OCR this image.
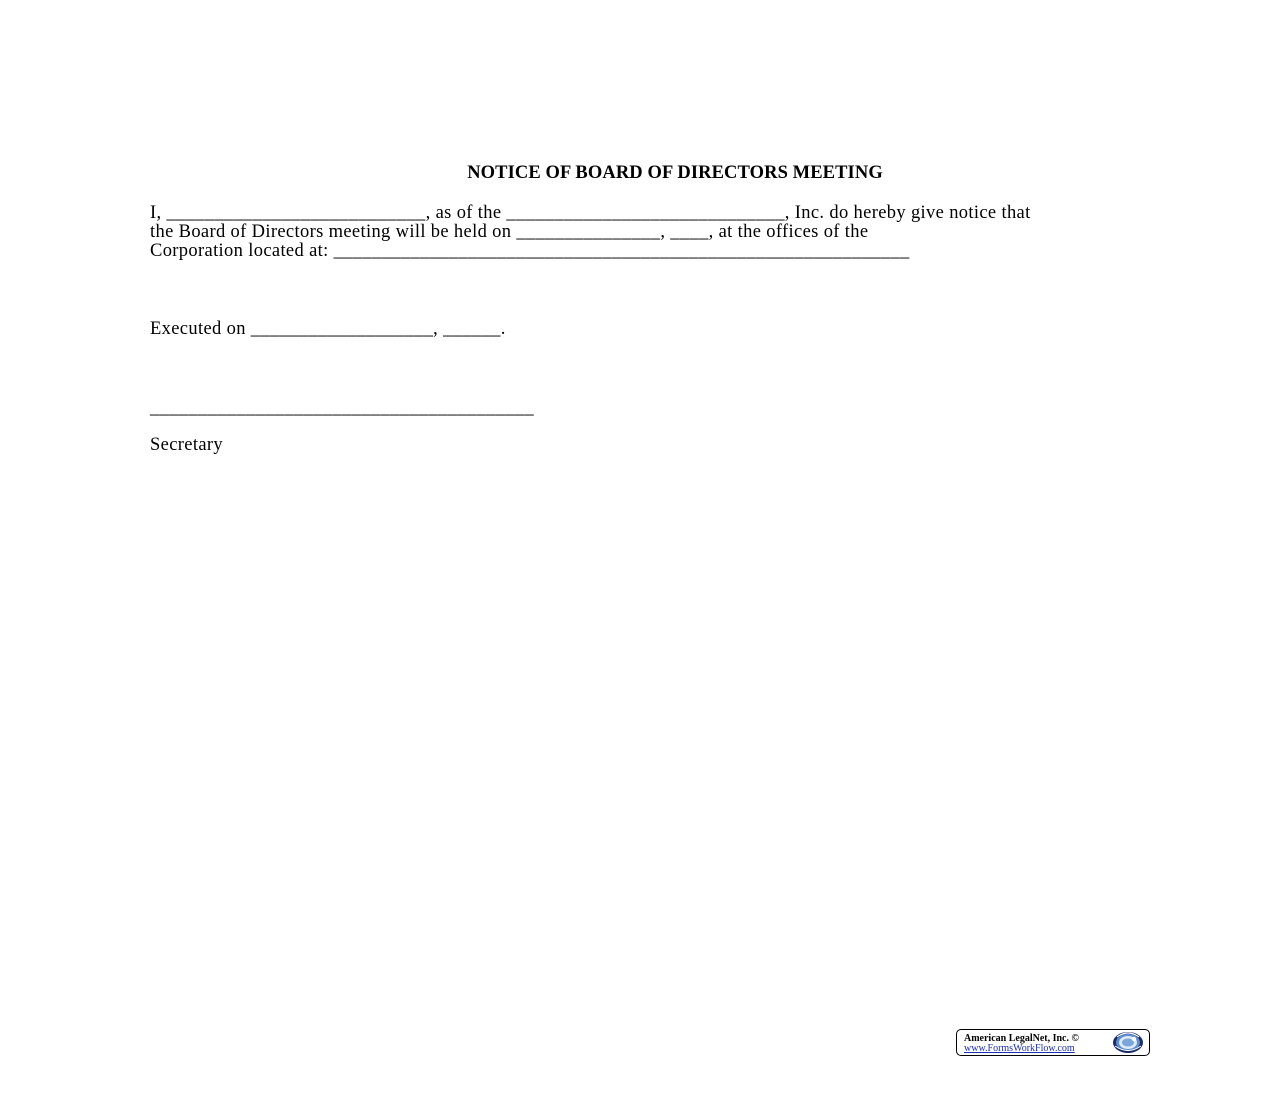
NOTICE OF BOARD OF DIRECTORS MEETING
I, ___________________________, as of the _____________________________, Inc. do hereby give notice that
the Board of Directors meeting will be held on _______________, ____, at the offices of the
Corporation located at: ____________________________________________________________
Executed on ___________________, ______.
________________________________________
Secretary
American LegalNet, Inc. ©
www.FormsWorkFlow.com
